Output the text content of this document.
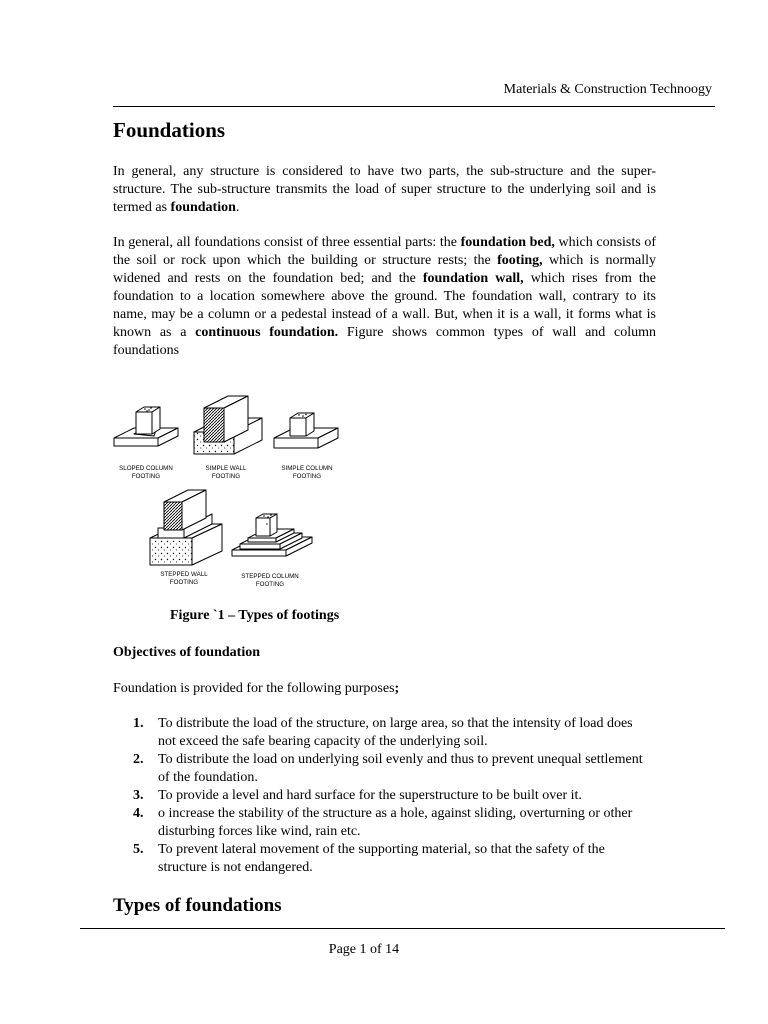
Materials & Construction Technoogy
Foundations

In general, any structure is considered to have two parts, the sub-structure and the super-structure. The sub-structure transmits the load of super structure to the underlying soil and is termed as foundation.

In general, all foundations consist of three essential parts: the foundation bed, which consists of the soil or rock upon which the building or structure rests; the footing, which is normally widened and rests on the foundation bed; and the foundation wall, which rises from the foundation to a location somewhere above the ground. The foundation wall, contrary to its name, may be a column or a pedestal instead of a wall. But, when it is a wall, it forms what is known as a continuous foundation. Figure shows common types of wall and column foundations

SLOPED COLUMN
FOOTING
SIMPLE WALL
FOOTING
SIMPLE COLUMN
FOOTING
STEPPED WALL
FOOTING
STEPPED COLUMN
FOOTING
Figure `1 – Types of footings
Objectives of foundation
Foundation is provided for the following purposes;
1. To distribute the load of the structure, on large area, so that the intensity of load does not exceed the safe bearing capacity of the underlying soil.
2. To distribute the load on underlying soil evenly and thus to prevent unequal settlement of the foundation.
3. To provide a level and hard surface for the superstructure to be built over it.
4. o increase the stability of the structure as a hole, against sliding, overturning or other disturbing forces like wind, rain etc.
5. To prevent lateral movement of the supporting material, so that the safety of the structure is not endangered.
Types of foundations
Page 1 of 14
